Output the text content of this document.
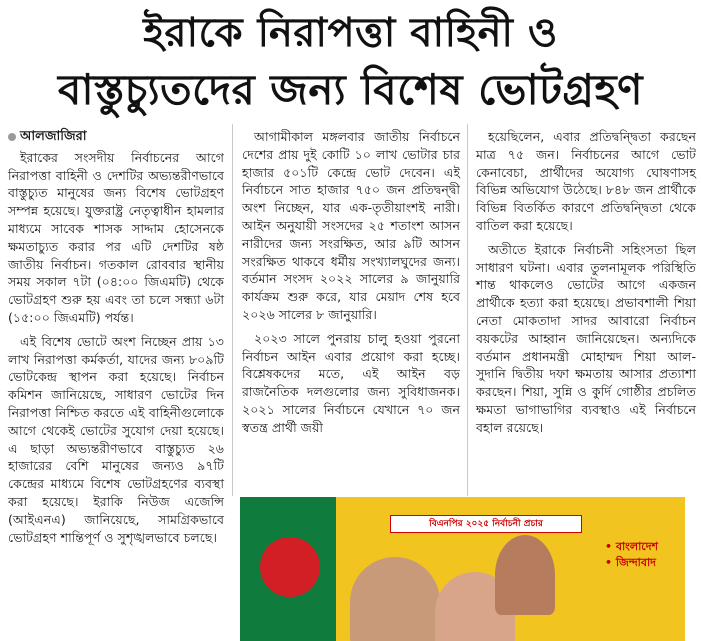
ইরাকে নিরাপত্তা বাহিনী ও
বাস্তুচ্যুতদের জন্য বিশেষ ভোটগ্রহণ
আলজাজিরা

ইরাকের সংসদীয় নির্বাচনের আগে নিরাপত্তা বাহিনী ও দেশটির অভ্যন্তরীণভাবে বাস্তুচ্যুত মানুষের জন্য বিশেষ ভোটগ্রহণ সম্পন্ন হয়েছে। যুক্তরাষ্ট্র নেতৃত্বাধীন হামলার মাধ্যমে সাবেক শাসক সাদ্দাম হোসেনকে ক্ষমতাচ্যুত করার পর এটি দেশটির ষষ্ঠ জাতীয় নির্বাচন। গতকাল রোববার স্থানীয় সময় সকাল ৭টা (০৪:০০ জিএমটি) থেকে ভোটগ্রহণ শুরু হয় এবং তা চলে সন্ধ্যা ৬টা (১৫:০০ জিএমটি) পর্যন্ত।

এই বিশেষ ভোটে অংশ নিচ্ছেন প্রায় ১৩ লাখ নিরাপত্তা কর্মকর্তা, যাদের জন্য ৮০৯টি ভোটকেন্দ্র স্থাপন করা হয়েছে। নির্বাচন কমিশন জানিয়েছে, সাধারণ ভোটের দিন নিরাপত্তা নিশ্চিত করতে এই বাহিনীগুলোকে আগে থেকেই ভোটের সুযোগ দেয়া হয়েছে। এ ছাড়া অভ্যন্তরীণভাবে বাস্তুচ্যুত ২৬ হাজারের বেশি মানুষের জন্যও ৯৭টি কেন্দ্রের মাধ্যমে বিশেষ ভোটগ্রহণের ব্যবস্থা করা হয়েছে। ইরাকি নিউজ এজেন্সি (আইএনএ) জানিয়েছে, সামগ্রিকভাবে ভোটগ্রহণ শান্তিপূর্ণ ও সুশৃঙ্খলভাবে চলছে।

আগামীকাল মঙ্গলবার জাতীয় নির্বাচনে দেশের প্রায় দুই কোটি ১০ লাখ ভোটার চার হাজার ৫০১টি কেন্দ্রে ভোট দেবেন। এই নির্বাচনে সাত হাজার ৭৫০ জন প্রতিদ্বন্দ্বী অংশ নিচ্ছেন, যার এক-তৃতীয়াংশই নারী। আইন অনুযায়ী সংসদের ২৫ শতাংশ আসন নারীদের জন্য সংরক্ষিত, আর ৯টি আসন সংরক্ষিত থাকবে ধর্মীয় সংখ্যালঘুদের জন্য। বর্তমান সংসদ ২০২২ সালের ৯ জানুয়ারি কার্যক্রম শুরু করে, যার মেয়াদ শেষ হবে ২০২৬ সালের ৮ জানুয়ারি।

২০২৩ সালে পুনরায় চালু হওয়া পুরনো নির্বাচন আইন এবার প্রয়োগ করা হচ্ছে। বিশ্লেষকদের মতে, এই আইন বড় রাজনৈতিক দলগুলোর জন্য সুবিধাজনক। ২০২১ সালের নির্বাচনে যেখানে ৭০ জন স্বতন্ত্র প্রার্থী জয়ী

হয়েছিলেন, এবার প্রতিদ্বন্দ্বিতা করছেন মাত্র ৭৫ জন। নির্বাচনের আগে ভোট কেনাবেচা, প্রার্থীদের অযোগ্য ঘোষণাসহ বিভিন্ন অভিযোগ উঠেছে। ৮৪৮ জন প্রার্থীকে বিভিন্ন বিতর্কিত কারণে প্রতিদ্বন্দ্বিতা থেকে বাতিল করা হয়েছে।

অতীতে ইরাকে নির্বাচনী সহিংসতা ছিল সাধারণ ঘটনা। এবার তুলনামূলক পরিস্থিতি শান্ত থাকলেও ভোটের আগে একজন প্রার্থীকে হত্যা করা হয়েছে। প্রভাবশালী শিয়া নেতা মোকতাদা সাদর আবারো নির্বাচন বয়কটের আহ্বান জানিয়েছেন। অন্যদিকে বর্তমান প্রধানমন্ত্রী মোহাম্মদ শিয়া আল-সুদানি দ্বিতীয় দফা ক্ষমতায় আসার প্রত্যাশা করছেন। শিয়া, সুন্নি ও কুর্দি গোষ্ঠীর প্রচলিত ক্ষমতা ভাগাভাগির ব্যবস্থাও এই নির্বাচনে বহাল রয়েছে।

বিএনপির ২০২৫ নির্বাচনী প্রচার
• বাংলাদেশ
• জিন্দাবাদ
